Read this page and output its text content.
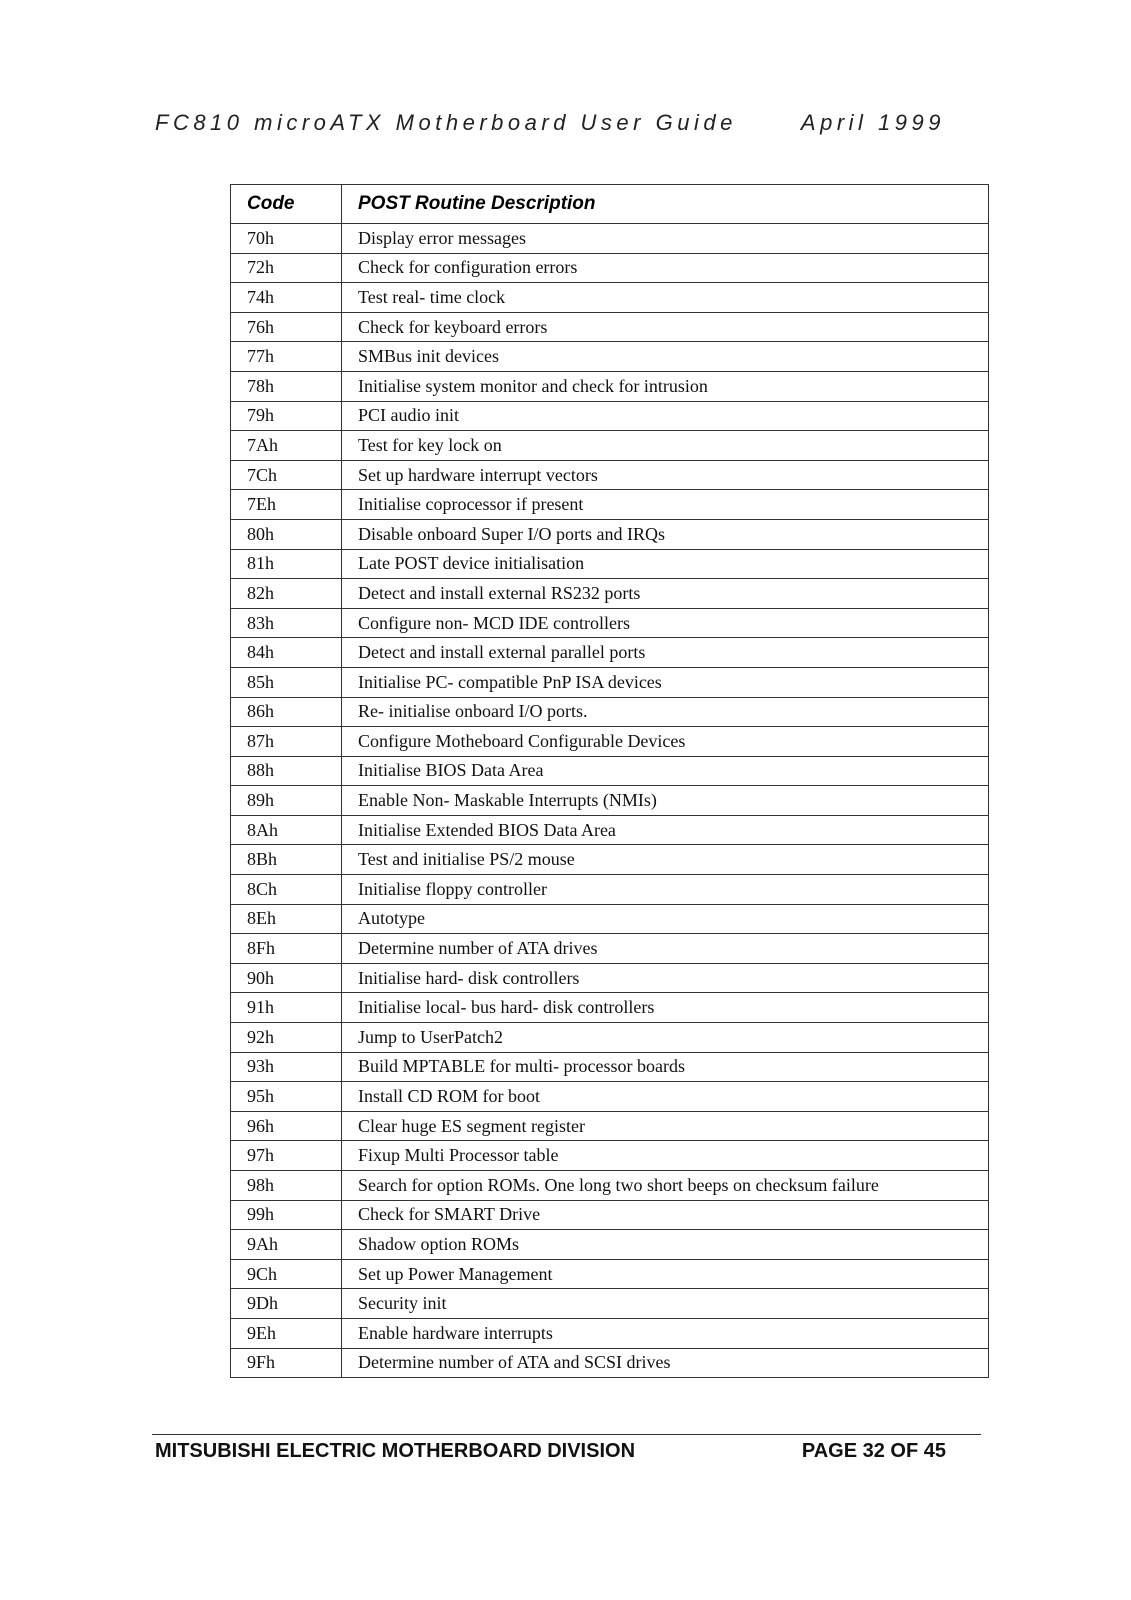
FC810 microATX Motherboard User Guide	April 1999
Code	POST Routine Description
70h	Display error messages
72h	Check for configuration errors
74h	Test real- time clock
76h	Check for keyboard errors
77h	SMBus init devices
78h	Initialise system monitor and check for intrusion
79h	PCI audio init
7Ah	Test for key lock on
7Ch	Set up hardware interrupt vectors
7Eh	Initialise coprocessor if present
80h	Disable onboard Super I/O ports and IRQs
81h	Late POST device initialisation
82h	Detect and install external RS232 ports
83h	Configure non- MCD IDE controllers
84h	Detect and install external parallel ports
85h	Initialise PC- compatible PnP ISA devices
86h	Re- initialise onboard I/O ports.
87h	Configure Motheboard Configurable Devices
88h	Initialise BIOS Data Area
89h	Enable Non- Maskable Interrupts (NMIs)
8Ah	Initialise Extended BIOS Data Area
8Bh	Test and initialise PS/2 mouse
8Ch	Initialise floppy controller
8Eh	Autotype
8Fh	Determine number of ATA drives
90h	Initialise hard- disk controllers
91h	Initialise local- bus hard- disk controllers
92h	Jump to UserPatch2
93h	Build MPTABLE for multi- processor boards
95h	Install CD ROM for boot
96h	Clear huge ES segment register
97h	Fixup Multi Processor table
98h	Search for option ROMs. One long two short beeps on checksum failure
99h	Check for SMART Drive
9Ah	Shadow option ROMs
9Ch	Set up Power Management
9Dh	Security init
9Eh	Enable hardware interrupts
9Fh	Determine number of ATA and SCSI drives
MITSUBISHI ELECTRIC MOTHERBOARD DIVISION	PAGE 32 OF 45
